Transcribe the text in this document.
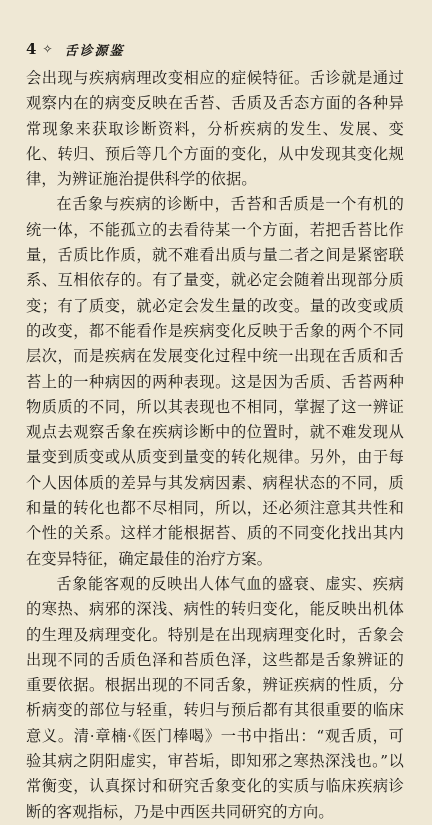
4 ✧ 舌诊源鉴

会出现与疾病病理改变相应的症候特征。舌诊就是通过观察内在的病变反映在舌苔、舌质及舌态方面的各种异常现象来获取诊断资料，分析疾病的发生、发展、变化、转归、预后等几个方面的变化，从中发现其变化规律，为辨证施治提供科学的依据。

在舌象与疾病的诊断中，舌苔和舌质是一个有机的统一体，不能孤立的去看待某一个方面，若把舌苔比作量，舌质比作质，就不难看出质与量二者之间是紧密联系、互相依存的。有了量变，就必定会随着出现部分质变；有了质变，就必定会发生量的改变。量的改变或质的改变，都不能看作是疾病变化反映于舌象的两个不同层次，而是疾病在发展变化过程中统一出现在舌质和舌苔上的一种病因的两种表现。这是因为舌质、舌苔两种物质质的不同，所以其表现也不相同，掌握了这一辨证观点去观察舌象在疾病诊断中的位置时，就不难发现从量变到质变或从质变到量变的转化规律。另外，由于每个人因体质的差异与其发病因素、病程状态的不同，质和量的转化也都不尽相同，所以，还必须注意其共性和个性的关系。这样才能根据苔、质的不同变化找出其内在变异特征，确定最佳的治疗方案。

舌象能客观的反映出人体气血的盛衰、虚实、疾病的寒热、病邪的深浅、病性的转归变化，能反映出机体的生理及病理变化。特别是在出现病理变化时，舌象会出现不同的舌质色泽和苔质色泽，这些都是舌象辨证的重要依据。根据出现的不同舌象，辨证疾病的性质，分析病变的部位与轻重，转归与预后都有其很重要的临床意义。清·章楠·《医门棒喝》一书中指出：“观舌质，可验其病之阴阳虚实，审苔垢，即知邪之寒热深浅也。”以常衡变，认真探讨和研究舌象变化的实质与临床疾病诊断的客观指标，乃是中西医共同研究的方向。
